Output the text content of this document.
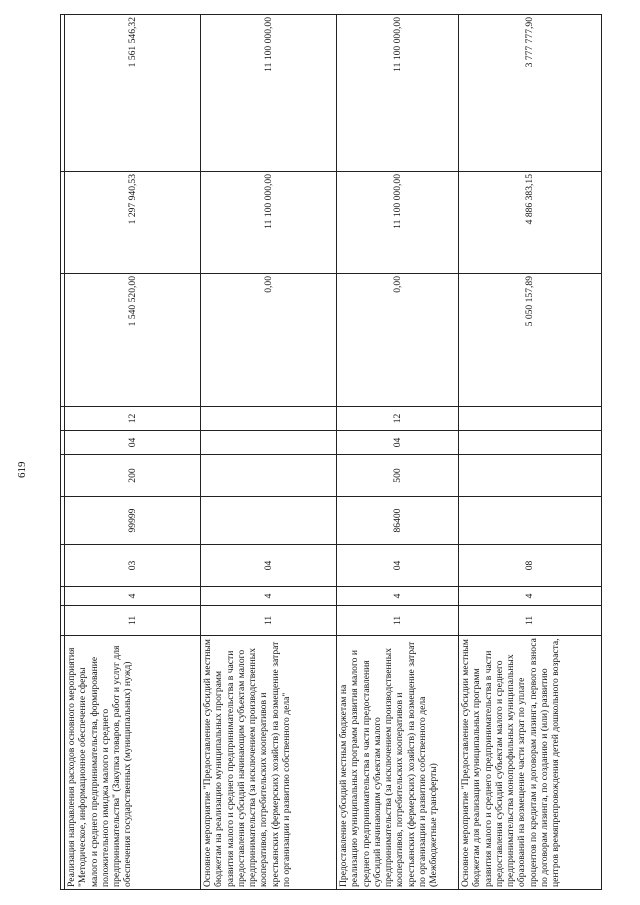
619

Реализация направления расходов основного мероприятия "Методическое, информационное обеспечение сферы малого и среднего предпринимательства, формирование положительного имиджа малого и среднего предпринимательства" (Закупка товаров, работ и услуг для обеспечения государственных (муниципальных) нужд)	11	4	03	99999	200	04	12	1 540 520,00	1 297 940,53	1 561 546,32
Основное мероприятие "Предоставление субсидий местным бюджетам на реализацию муниципальных программ развития малого и среднего предпринимательства в части предоставления субсидий начинающим субъектам малого предпринимательства (за исключением производственных кооперативов, потребительских кооперативов и крестьянских (фермерских) хозяйств) на возмещение затрат по организации и развитию собственного дела"	11	4	04					0,00	11 100 000,00	11 100 000,00
Предоставление субсидий местным бюджетам на реализацию муниципальных программ развития малого и среднего предпринимательства в части предоставления субсидий начинающим субъектам малого предпринимательства (за исключением производственных кооперативов, потребительских кооперативов и крестьянских (фермерских) хозяйств) на возмещение затрат по организации и развитию собственного дела (Межбюджетные трансферты)	11	4	04	86400	500	04	12	0,00	11 100 000,00	11 100 000,00
Основное мероприятие "Предоставление субсидии местным бюджетам для реализации муниципальных программ развития малого и среднего предпринимательства в части предоставления субсидий субъектам малого и среднего предпринимательства монопрофильных муниципальных образований на возмещение части затрат по уплате процентов по кредитам и договорам лизинга, первого взноса по договорам лизинга, по созданию и (или) развитию центров времяпрепровождения детей дошкольного возраста,	11	4	08					5 050 157,89	4 886 383,15	3 777 777,90
